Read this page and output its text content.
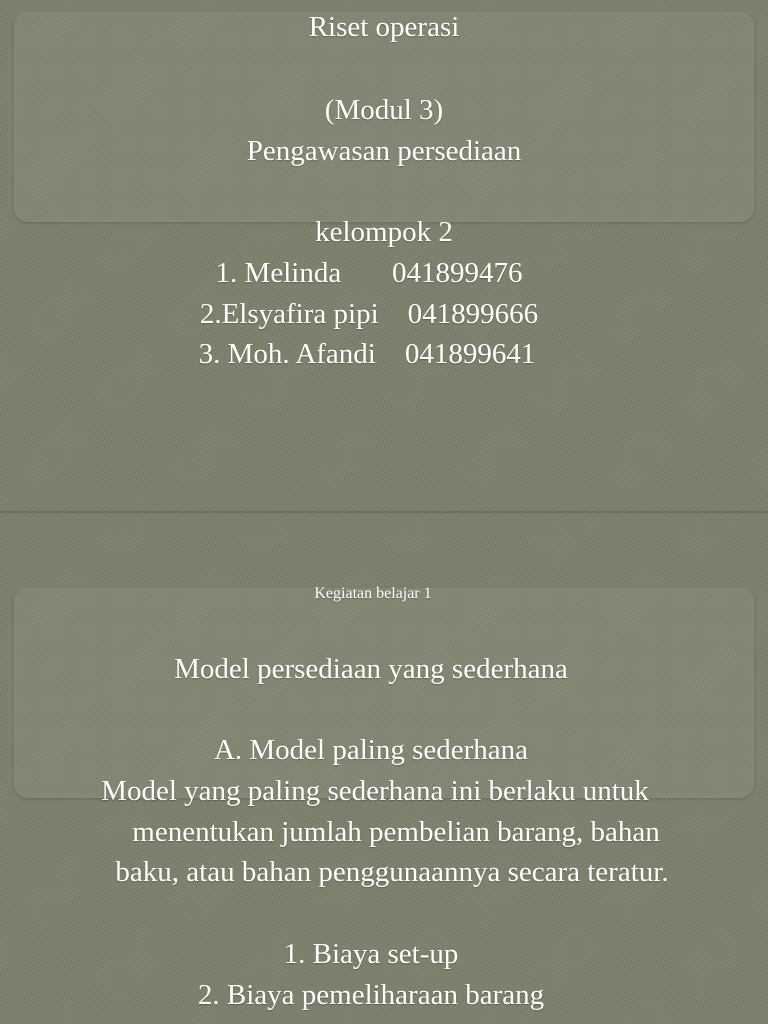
Riset operasi
(Modul 3)
Pengawasan persediaan
kelompok 2
1. Melinda       041899476
2.Elsyafira pipi    041899666
3. Moh. Afandi    041899641
Kegiatan belajar 1
Model persediaan yang sederhana
A. Model paling sederhana
Model yang paling sederhana ini berlaku untuk
menentukan jumlah pembelian barang, bahan
baku, atau bahan penggunaannya secara teratur.
1. Biaya set-up
2. Biaya pemeliharaan barang
